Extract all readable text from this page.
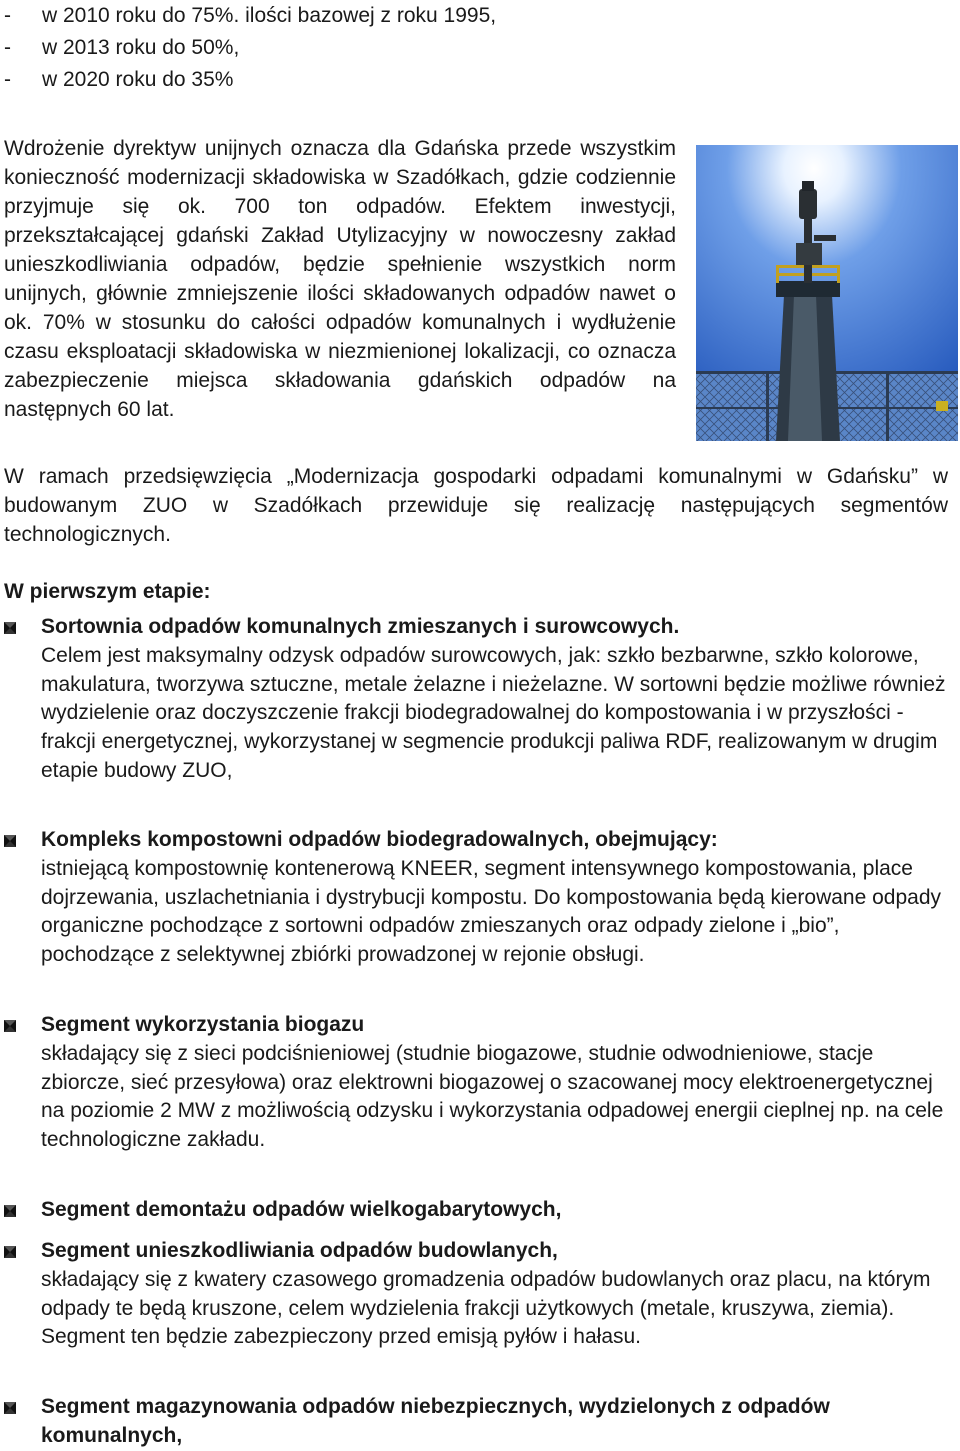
-	w 2010 roku do 75%. ilości bazowej z roku 1995,
-	w 2013 roku do 50%,
-	w 2020 roku do 35%
Wdrożenie dyrektyw unijnych oznacza dla Gdańska przede wszystkim konieczność modernizacji składowiska w Szadółkach, gdzie codziennie przyjmuje się ok. 700 ton odpadów. Efektem inwestycji, przekształcającej gdański Zakład Utylizacyjny w nowoczesny zakład unieszkodliwiania odpadów, będzie spełnienie wszystkich norm unijnych, głównie zmniejszenie ilości składowanych odpadów nawet o ok. 70% w stosunku do całości odpadów komunalnych i wydłużenie czasu eksploatacji składowiska w niezmienionej lokalizacji, co oznacza zabezpieczenie miejsca składowania gdańskich odpadów na następnych 60 lat.
W ramach przedsięwzięcia „Modernizacja gospodarki odpadami komunalnymi w Gdańsku” w budowanym ZUO w Szadółkach przewiduje się realizację następujących segmentów technologicznych.
W pierwszym etapie:
Sortownia odpadów komunalnych zmieszanych i surowcowych.
Celem jest maksymalny odzysk odpadów surowcowych, jak: szkło bezbarwne, szkło kolorowe, makulatura, tworzywa sztuczne, metale żelazne i nieżelazne. W sortowni będzie możliwe również wydzielenie oraz doczyszczenie frakcji biodegradowalnej do kompostowania i w przyszłości - frakcji energetycznej, wykorzystanej w segmencie produkcji paliwa RDF, realizowanym w drugim etapie budowy ZUO,
Kompleks kompostowni odpadów biodegradowalnych, obejmujący:
istniejącą kompostownię kontenerową KNEER, segment intensywnego kompostowania, place dojrzewania, uszlachetniania i dystrybucji kompostu. Do kompostowania będą kierowane odpady organiczne pochodzące z sortowni odpadów zmieszanych oraz odpady zielone i „bio”, pochodzące z selektywnej zbiórki prowadzonej w rejonie obsługi.
Segment wykorzystania biogazu
składający się z sieci podciśnieniowej (studnie biogazowe, studnie odwodnieniowe, stacje zbiorcze, sieć przesyłowa) oraz elektrowni biogazowej o szacowanej mocy elektroenergetycznej na poziomie 2 MW z możliwością odzysku i wykorzystania odpadowej energii cieplnej np. na cele technologiczne zakładu.
Segment demontażu odpadów wielkogabarytowych,
Segment unieszkodliwiania odpadów budowlanych,
składający się z kwatery czasowego gromadzenia odpadów budowlanych oraz placu, na którym odpady te będą kruszone, celem wydzielenia frakcji użytkowych (metale, kruszywa, ziemia). Segment ten będzie zabezpieczony przed emisją pyłów i hałasu.
Segment magazynowania odpadów niebezpiecznych, wydzielonych z odpadów komunalnych,
